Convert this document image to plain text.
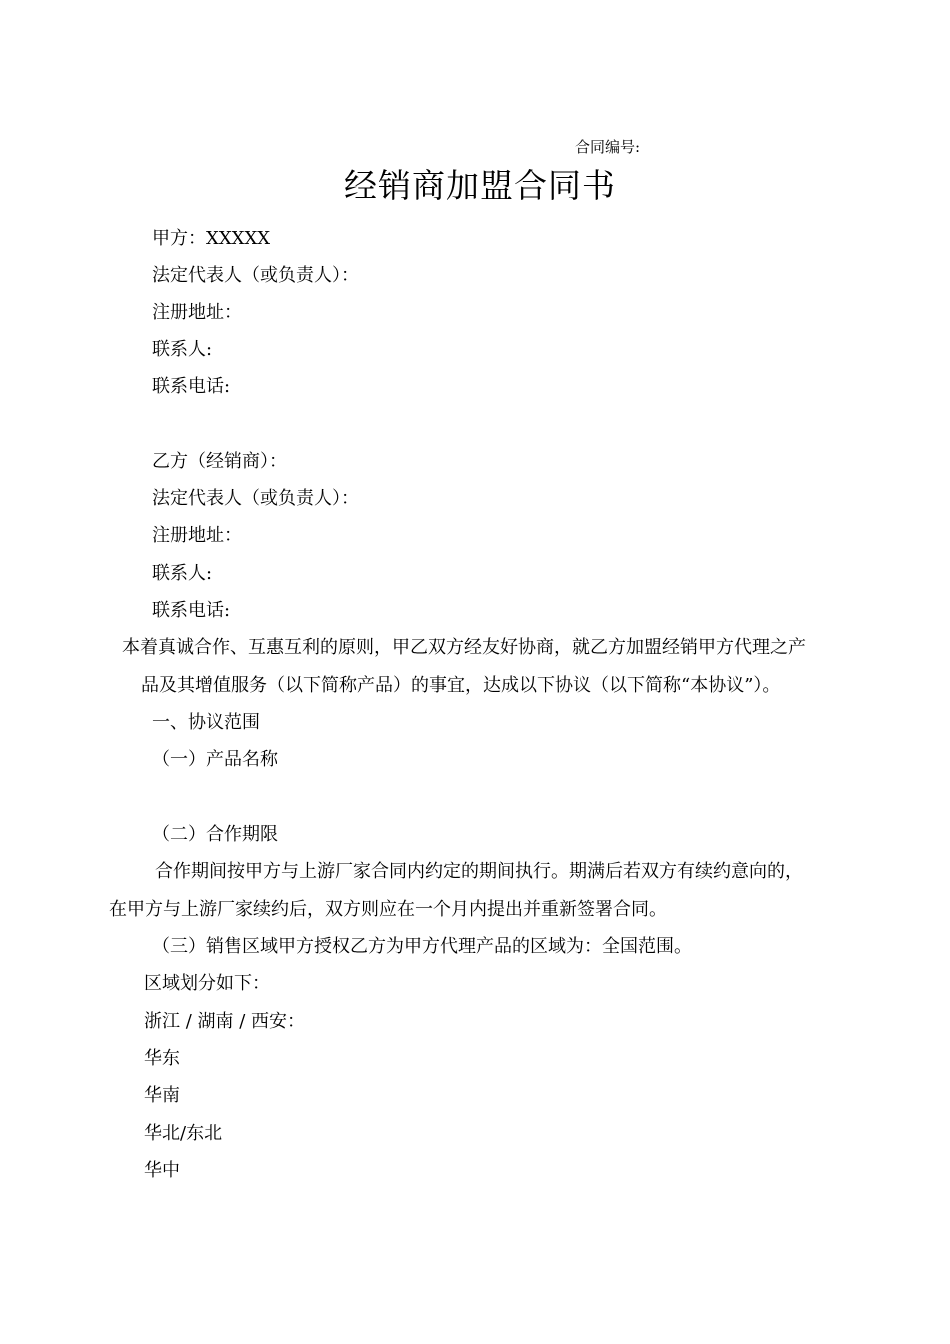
合同编号:
经销商加盟合同书
甲方：XXXXX
法定代表人（或负责人）：
注册地址：
联系人:
联系电话:
乙方（经销商）：
法定代表人（或负责人）：
注册地址：
联系人:
联系电话:
本着真诚合作、互惠互利的原则，甲乙双方经友好协商，就乙方加盟经销甲方代理之产
品及其增值服务（以下简称产品）的事宜，达成以下协议（以下简称“本协议”）。
一、协议范围
（一）产品名称
（二）合作期限
合作期间按甲方与上游厂家合同内约定的期间执行。期满后若双方有续约意向的，
在甲方与上游厂家续约后，双方则应在一个月内提出并重新签署合同。
（三）销售区域甲方授权乙方为甲方代理产品的区域为：全国范围。
区域划分如下：
浙江 / 湖南 / 西安：
华东
华南
华北/东北
华中
